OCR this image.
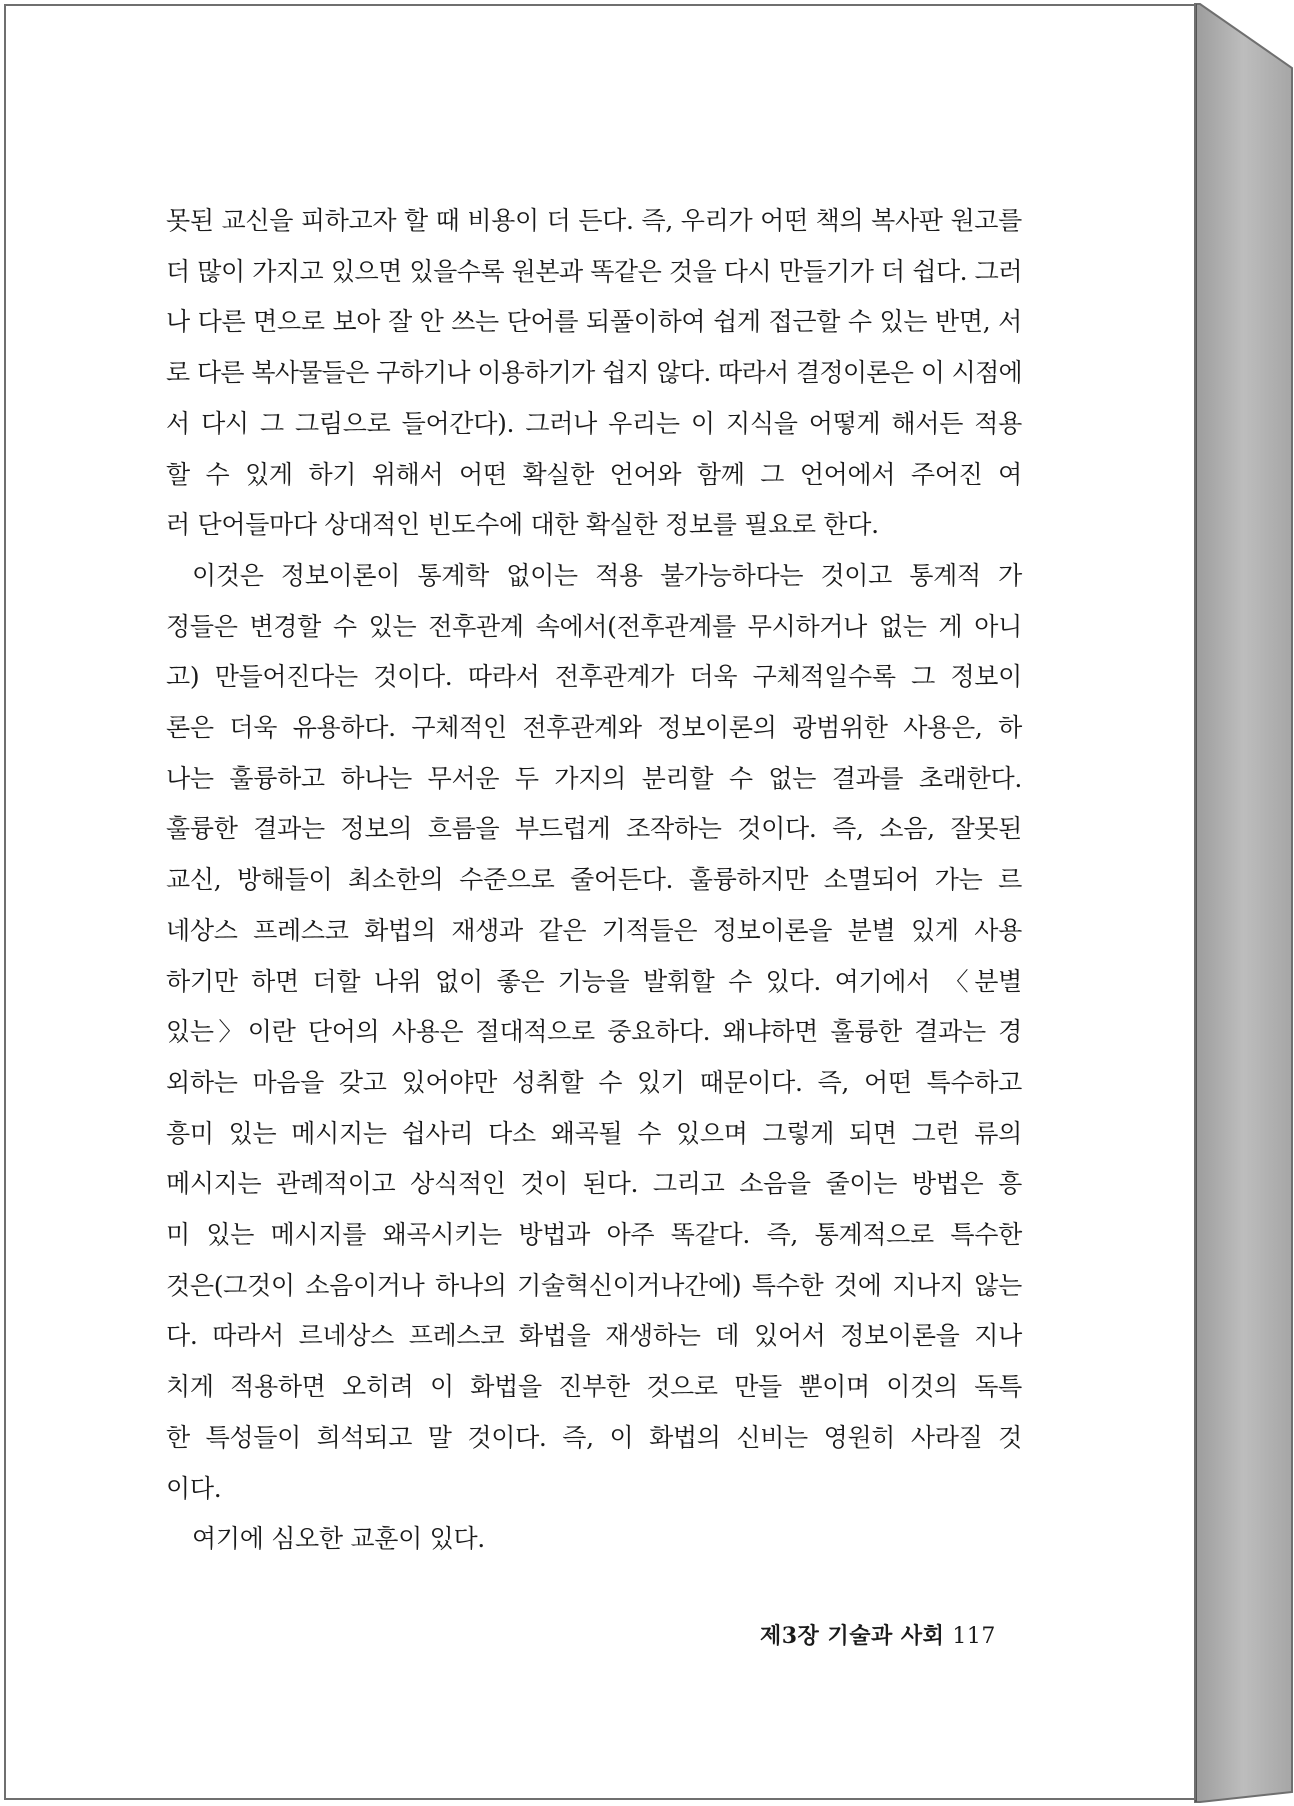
못된 교신을 피하고자 할 때 비용이 더 든다. 즉, 우리가 어떤 책의 복사판 원고를
더 많이 가지고 있으면 있을수록 원본과 똑같은 것을 다시 만들기가 더 쉽다. 그러
나 다른 면으로 보아 잘 안 쓰는 단어를 되풀이하여 쉽게 접근할 수 있는 반면, 서
로 다른 복사물들은 구하기나 이용하기가 쉽지 않다. 따라서 결정이론은 이 시점에
서 다시 그 그림으로 들어간다). 그러나 우리는 이 지식을 어떻게 해서든 적용
할 수 있게 하기 위해서 어떤 확실한 언어와 함께 그 언어에서 주어진 여
러 단어들마다 상대적인 빈도수에 대한 확실한 정보를 필요로 한다.
이것은 정보이론이 통계학 없이는 적용 불가능하다는 것이고 통계적 가
정들은 변경할 수 있는 전후관계 속에서(전후관계를 무시하거나 없는 게 아니
고) 만들어진다는 것이다. 따라서 전후관계가 더욱 구체적일수록 그 정보이
론은 더욱 유용하다. 구체적인 전후관계와 정보이론의 광범위한 사용은, 하
나는 훌륭하고 하나는 무서운 두 가지의 분리할 수 없는 결과를 초래한다.
훌륭한 결과는 정보의 흐름을 부드럽게 조작하는 것이다. 즉, 소음, 잘못된
교신, 방해들이 최소한의 수준으로 줄어든다. 훌륭하지만 소멸되어 가는 르
네상스 프레스코 화법의 재생과 같은 기적들은 정보이론을 분별 있게 사용
하기만 하면 더할 나위 없이 좋은 기능을 발휘할 수 있다. 여기에서 〈분별
있는〉이란 단어의 사용은 절대적으로 중요하다. 왜냐하면 훌륭한 결과는 경
외하는 마음을 갖고 있어야만 성취할 수 있기 때문이다. 즉, 어떤 특수하고
흥미 있는 메시지는 쉽사리 다소 왜곡될 수 있으며 그렇게 되면 그런 류의
메시지는 관례적이고 상식적인 것이 된다. 그리고 소음을 줄이는 방법은 흥
미 있는 메시지를 왜곡시키는 방법과 아주 똑같다. 즉, 통계적으로 특수한
것은(그것이 소음이거나 하나의 기술혁신이거나간에) 특수한 것에 지나지 않는
다. 따라서 르네상스 프레스코 화법을 재생하는 데 있어서 정보이론을 지나
치게 적용하면 오히려 이 화법을 진부한 것으로 만들 뿐이며 이것의 독특
한 특성들이 희석되고 말 것이다. 즉, 이 화법의 신비는 영원히 사라질 것
이다.
여기에 심오한 교훈이 있다.
제3장 기술과 사회 117
